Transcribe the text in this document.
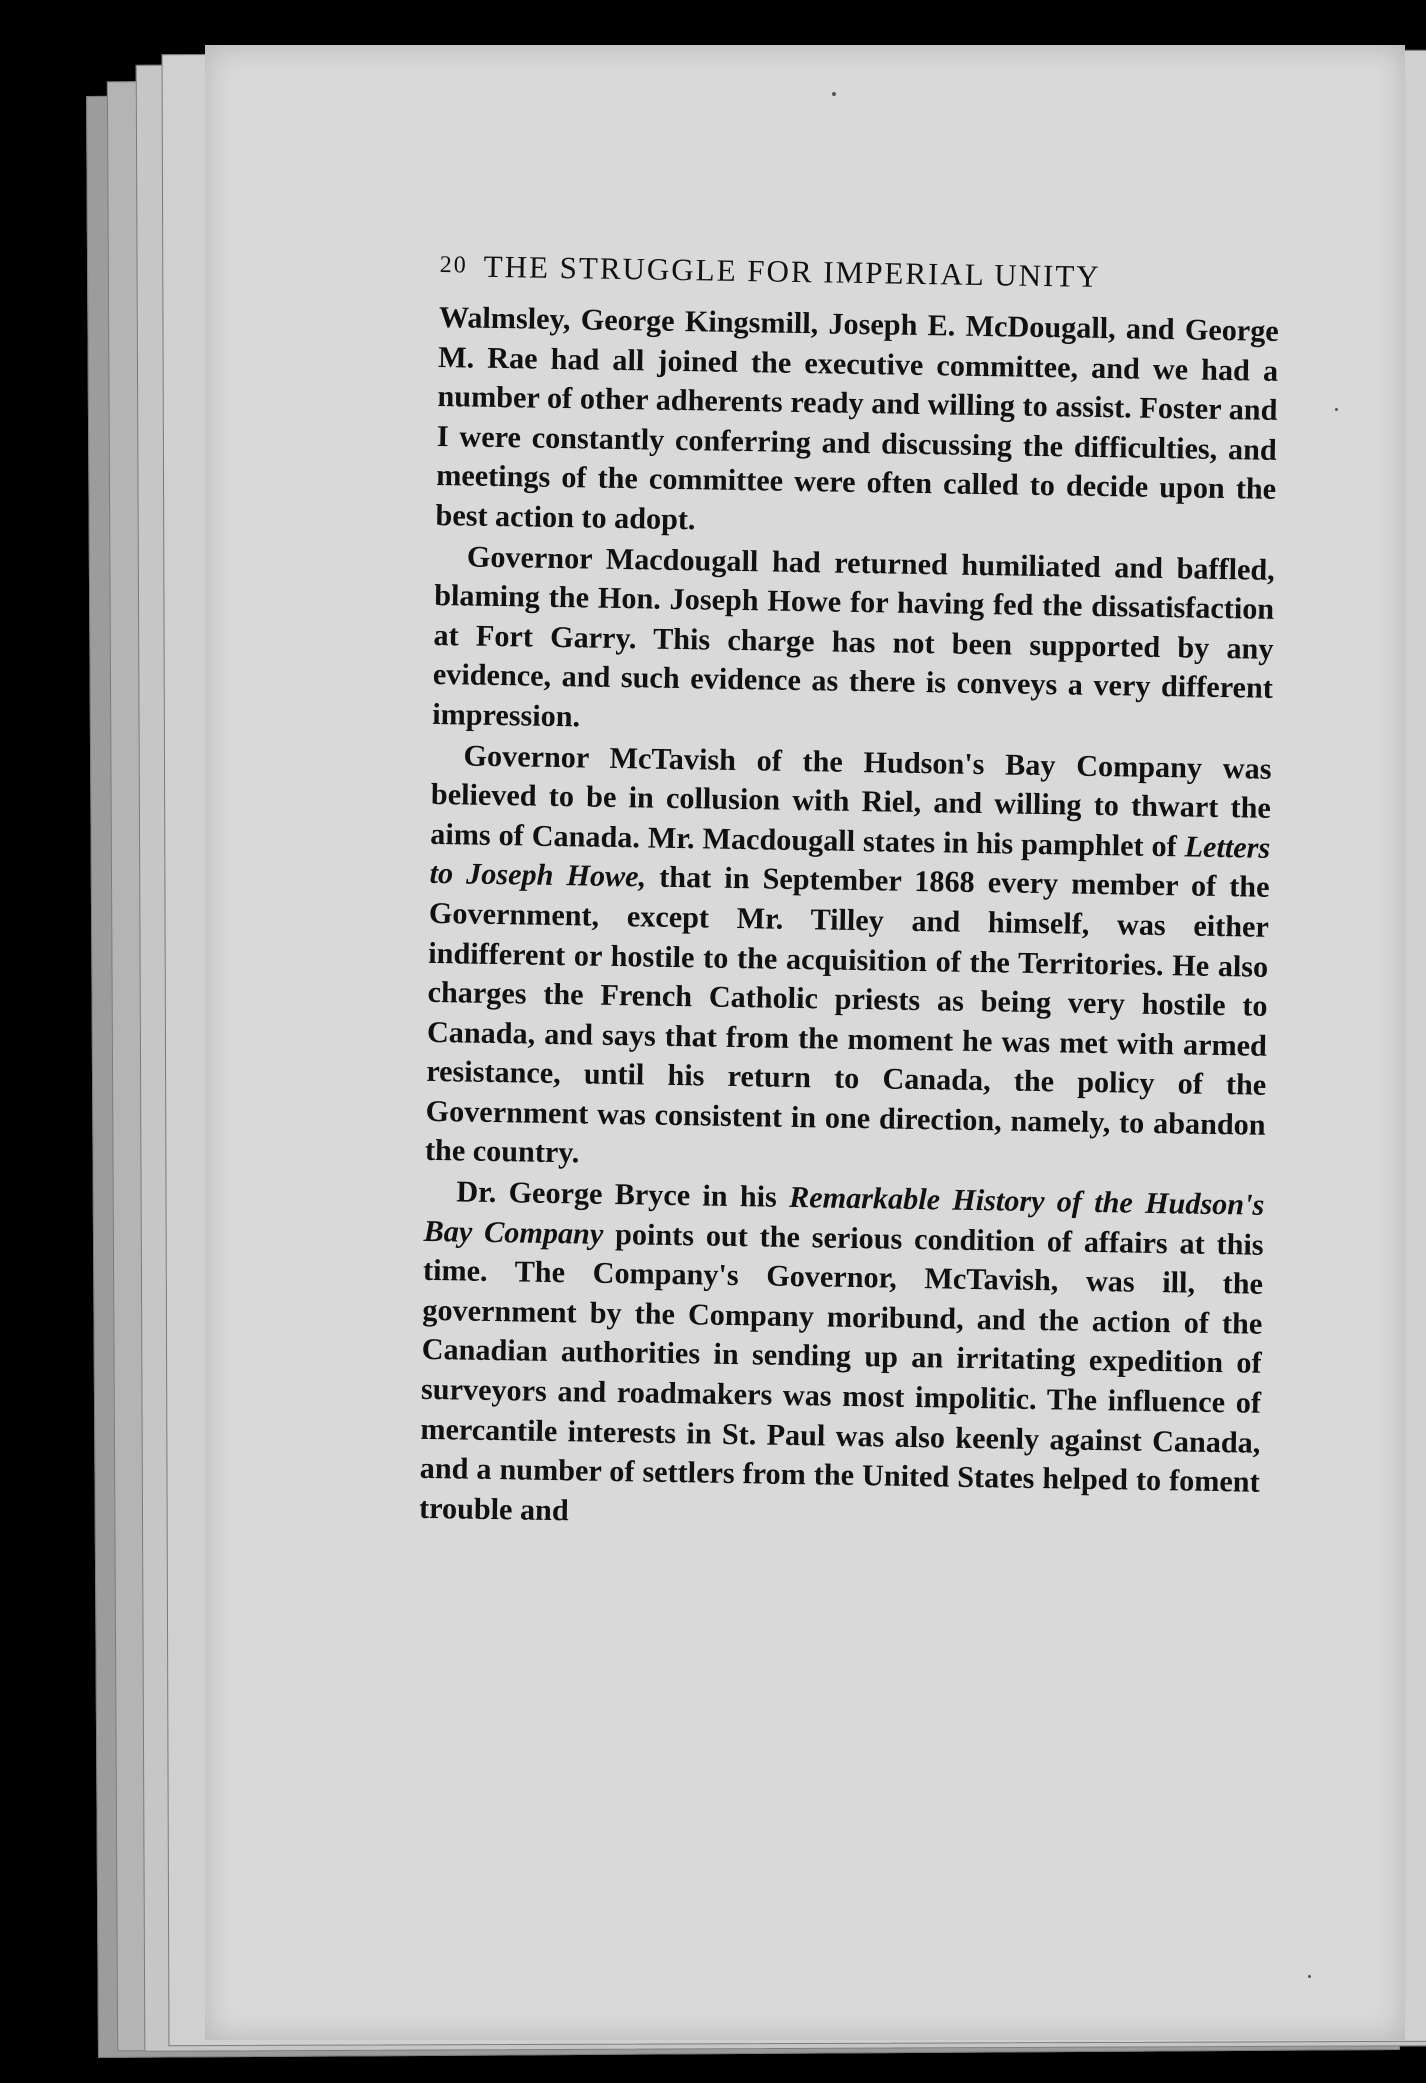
20 THE STRUGGLE FOR IMPERIAL UNITY

Walmsley, George Kingsmill, Joseph E. McDougall, and George M. Rae had all joined the executive committee, and we had a number of other adherents ready and willing to assist. Foster and I were constantly conferring and discussing the difficulties, and meetings of the committee were often called to decide upon the best action to adopt.

Governor Macdougall had returned humiliated and baffled, blaming the Hon. Joseph Howe for having fed the dissatisfaction at Fort Garry. This charge has not been supported by any evidence, and such evidence as there is conveys a very different impression.

Governor McTavish of the Hudson's Bay Company was believed to be in collusion with Riel, and willing to thwart the aims of Canada. Mr. Macdougall states in his pamphlet of Letters to Joseph Howe, that in September 1868 every member of the Government, except Mr. Tilley and himself, was either indifferent or hostile to the acquisition of the Territories. He also charges the French Catholic priests as being very hostile to Canada, and says that from the moment he was met with armed resistance, until his return to Canada, the policy of the Government was consistent in one direction, namely, to abandon the country.

Dr. George Bryce in his Remarkable History of the Hudson's Bay Company points out the serious condition of affairs at this time. The Company's Governor, McTavish, was ill, the government by the Company moribund, and the action of the Canadian authorities in sending up an irritating expedition of surveyors and roadmakers was most impolitic. The influence of mercantile interests in St. Paul was also keenly against Canada, and a number of settlers from the United States helped to foment trouble and
